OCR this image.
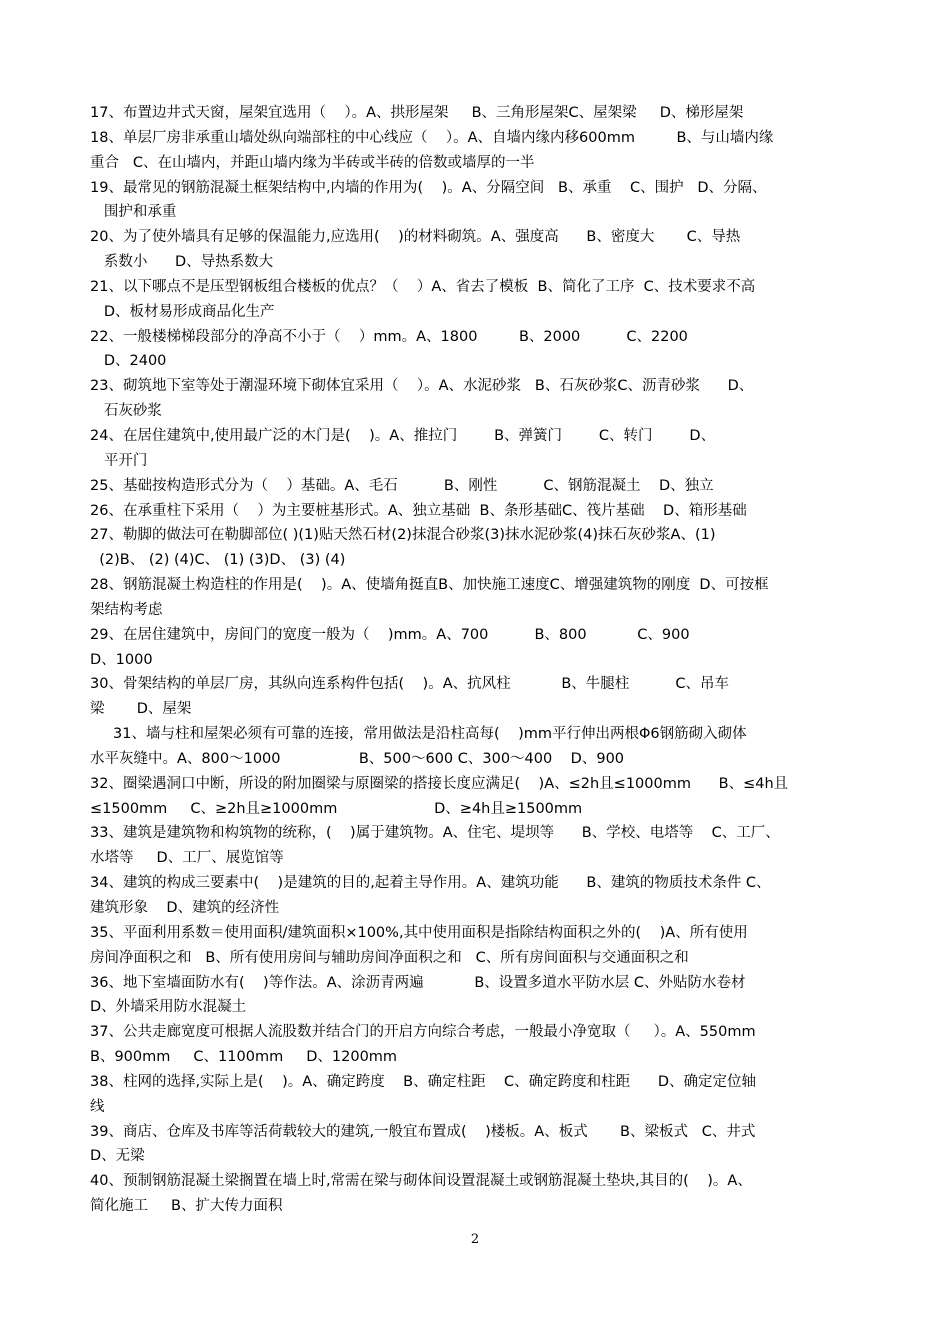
17、布置边井式天窗，屋架宜选用（    ）。A、拱形屋架     B、三角形屋架C、屋架梁     D、梯形屋架
18、单层厂房非承重山墙处纵向端部柱的中心线应（    ）。A、自墙内缘内移600mm         B、与山墙内缘
重合   C、在山墙内，并距山墙内缘为半砖或半砖的倍数或墙厚的一半
19、最常见的钢筋混凝土框架结构中,内墙的作用为(    )。A、分隔空间   B、承重    C、围护   D、分隔、
围护和承重
20、为了使外墙具有足够的保温能力,应选用(    )的材料砌筑。A、强度高      B、密度大       C、导热
系数小      D、导热系数大
21、以下哪点不是压型钢板组合楼板的优点？（    ）A、省去了模板  B、简化了工序  C、技术要求不高
D、板材易形成商品化生产
22、一般楼梯梯段部分的净高不小于（    ）mm。A、1800         B、2000          C、2200
D、2400
23、砌筑地下室等处于潮湿环境下砌体宜采用（    ）。A、水泥砂浆   B、石灰砂浆C、沥青砂浆      D、
石灰砂浆
24、在居住建筑中,使用最广泛的木门是(    )。A、推拉门        B、弹簧门        C、转门        D、
平开门
25、基础按构造形式分为（    ）基础。A、毛石          B、刚性          C、钢筋混凝土    D、独立
26、在承重柱下采用（    ）为主要桩基形式。A、独立基础  B、条形基础C、筏片基础    D、箱形基础
27、勒脚的做法可在勒脚部位( )(1)贴天然石材(2)抹混合砂浆(3)抹水泥砂浆(4)抹石灰砂浆A、(1)
(2)B、 (2) (4)C、 (1) (3)D、 (3) (4)
28、钢筋混凝土构造柱的作用是(    )。A、使墙角挺直B、加快施工速度C、增强建筑物的刚度  D、可按框
架结构考虑
29、在居住建筑中，房间门的宽度一般为（    )mm。A、700          B、800           C、900
D、1000
30、骨架结构的单层厂房，其纵向连系构件包括(    )。A、抗风柱           B、牛腿柱          C、吊车
梁       D、屋架
31、墙与柱和屋架必须有可靠的连接，常用做法是沿柱高每(    )mm平行伸出两根Φ6钢筋砌入砌体
水平灰缝中。A、800～1000                 B、500～600 C、300～400    D、900
32、圈梁遇洞口中断，所设的附加圈梁与原圈梁的搭接长度应满足(    )A、≤2h且≤1000mm      B、≤4h且
≤1500mm     C、≥2h且≥1000mm                     D、≥4h且≥1500mm
33、建筑是建筑物和构筑物的统称，(    )属于建筑物。A、住宅、堤坝等      B、学校、电塔等    C、工厂、
水塔等     D、工厂、展览馆等
34、建筑的构成三要素中(    )是建筑的目的,起着主导作用。A、建筑功能      B、建筑的物质技术条件 C、
建筑形象    D、建筑的经济性
35、平面利用系数＝使用面积/建筑面积×100%,其中使用面积是指除结构面积之外的(    )A、所有使用
房间净面积之和   B、所有使用房间与辅助房间净面积之和   C、所有房间面积与交通面积之和
36、地下室墙面防水有(    )等作法。A、涂沥青两遍           B、设置多道水平防水层 C、外贴防水卷材
D、外墙采用防水混凝土
37、公共走廊宽度可根据人流股数并结合门的开启方向综合考虑，一般最小净宽取（     ）。A、550mm
B、900mm     C、1100mm     D、1200mm
38、柱网的选择,实际上是(    )。A、确定跨度    B、确定柱距    C、确定跨度和柱距      D、确定定位轴
线
39、商店、仓库及书库等活荷载较大的建筑,一般宜布置成(    )楼板。A、板式       B、梁板式   C、井式
D、无梁
40、预制钢筋混凝土梁搁置在墙上时,常需在梁与砌体间设置混凝土或钢筋混凝土垫块,其目的(    )。A、
简化施工     B、扩大传力面积
2
